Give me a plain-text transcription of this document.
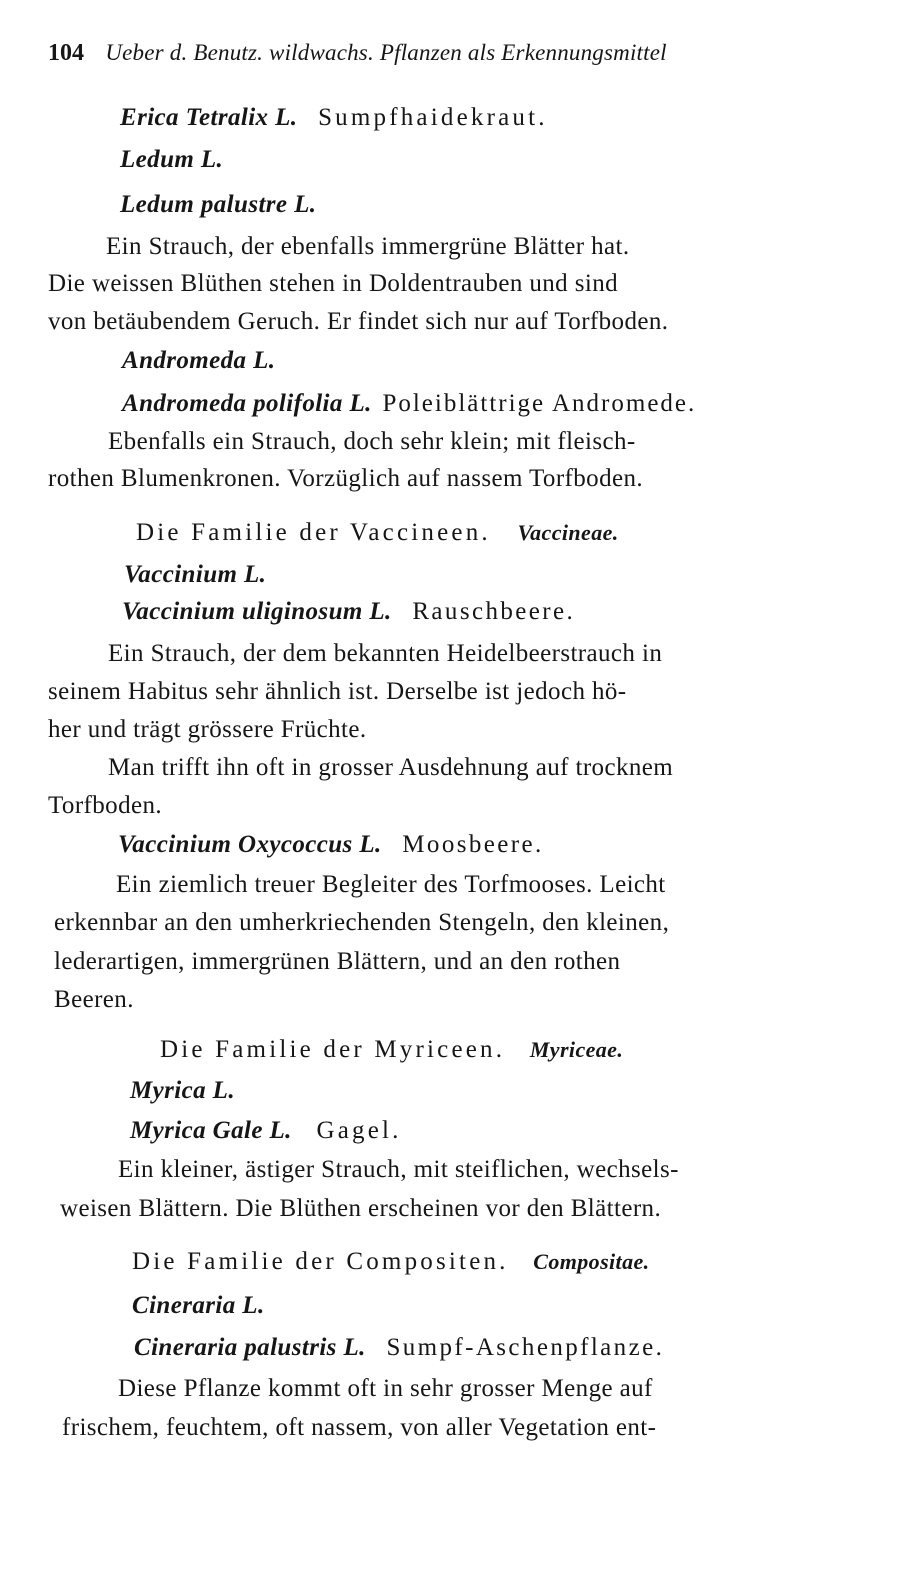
104 Ueber d. Benutz. wildwachs. Pflanzen als Erkennungsmittel
Erica Tetralix L. Sumpfhaidekraut.
Ledum L.
Ledum palustre L.
Ein Strauch, der ebenfalls immergrüne Blätter hat.
Die weissen Blüthen stehen in Doldentrauben und sind
von betäubendem Geruch. Er findet sich nur auf Torfboden.
Andromeda L.
Andromeda polifolia L. Poleiblättrige Andromede.
Ebenfalls ein Strauch, doch sehr klein; mit fleisch-
rothen Blumenkronen. Vorzüglich auf nassem Torfboden.
Die Familie der Vaccineen. Vaccineae.
Vaccinium L.
Vaccinium uliginosum L. Rauschbeere.
Ein Strauch, der dem bekannten Heidelbeerstrauch in
seinem Habitus sehr ähnlich ist. Derselbe ist jedoch hö-
her und trägt grössere Früchte.
Man trifft ihn oft in grosser Ausdehnung auf trocknem
Torfboden.
Vaccinium Oxycoccus L. Moosbeere.
Ein ziemlich treuer Begleiter des Torfmooses. Leicht
erkennbar an den umherkriechenden Stengeln, den kleinen,
lederartigen, immergrünen Blättern, und an den rothen
Beeren.
Die Familie der Myriceen. Myriceae.
Myrica L.
Myrica Gale L. Gagel.
Ein kleiner, ästiger Strauch, mit steiflichen, wechsels-
weisen Blättern. Die Blüthen erscheinen vor den Blättern.
Die Familie der Compositen. Compositae.
Cineraria L.
Cineraria palustris L. Sumpf-Aschenpflanze.
Diese Pflanze kommt oft in sehr grosser Menge auf
frischem, feuchtem, oft nassem, von aller Vegetation ent-
